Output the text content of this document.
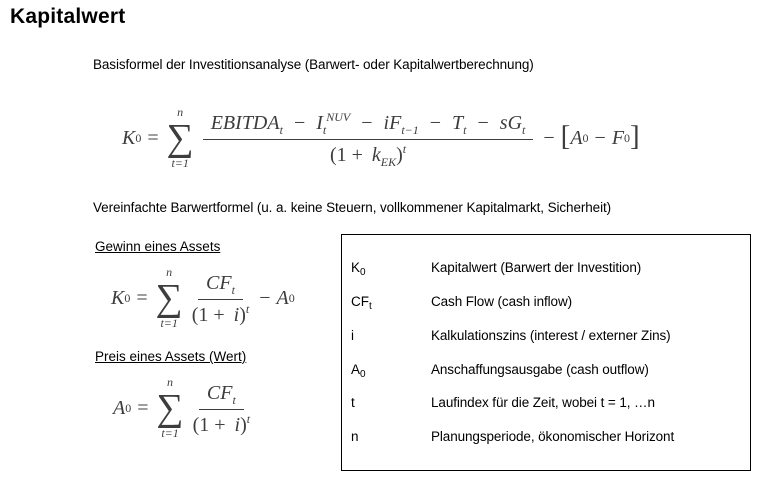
Kapitalwert
Basisformel der Investitionsanalyse (Barwert- oder Kapitalwertberechnung)
K 0 =
n
∑
t=1
$EBITDA_t - I_t^{NUV} - iF_{t-1} - T_t - sG_t$
$(1 + k_{EK})^t$
− [ A 0 − F 0 ]
Vereinfachte Barwertformel (u. a. keine Steuern, vollkommener Kapitalmarkt, Sicherheit)
Gewinn eines Assets
K 0 =
n
∑
$t=1 \frac{CF_t}{(1 + i)^t} - A$ 0
Preis eines Assets (Wert)
A 0 =
n
∑
$t=1 \frac{CF_t}{(1 + i)^t}$
$K_0$	Kapitalwert (Barwert der Investition)
$CF_t$	Cash Flow (cash inflow)
i	Kalkulationszins (interest / externer Zins)
$A_0$	Anschaffungsausgabe (cash outflow)
t	Laufindex für die Zeit, wobei t = 1, …n
n	Planungsperiode, ökonomischer Horizont
